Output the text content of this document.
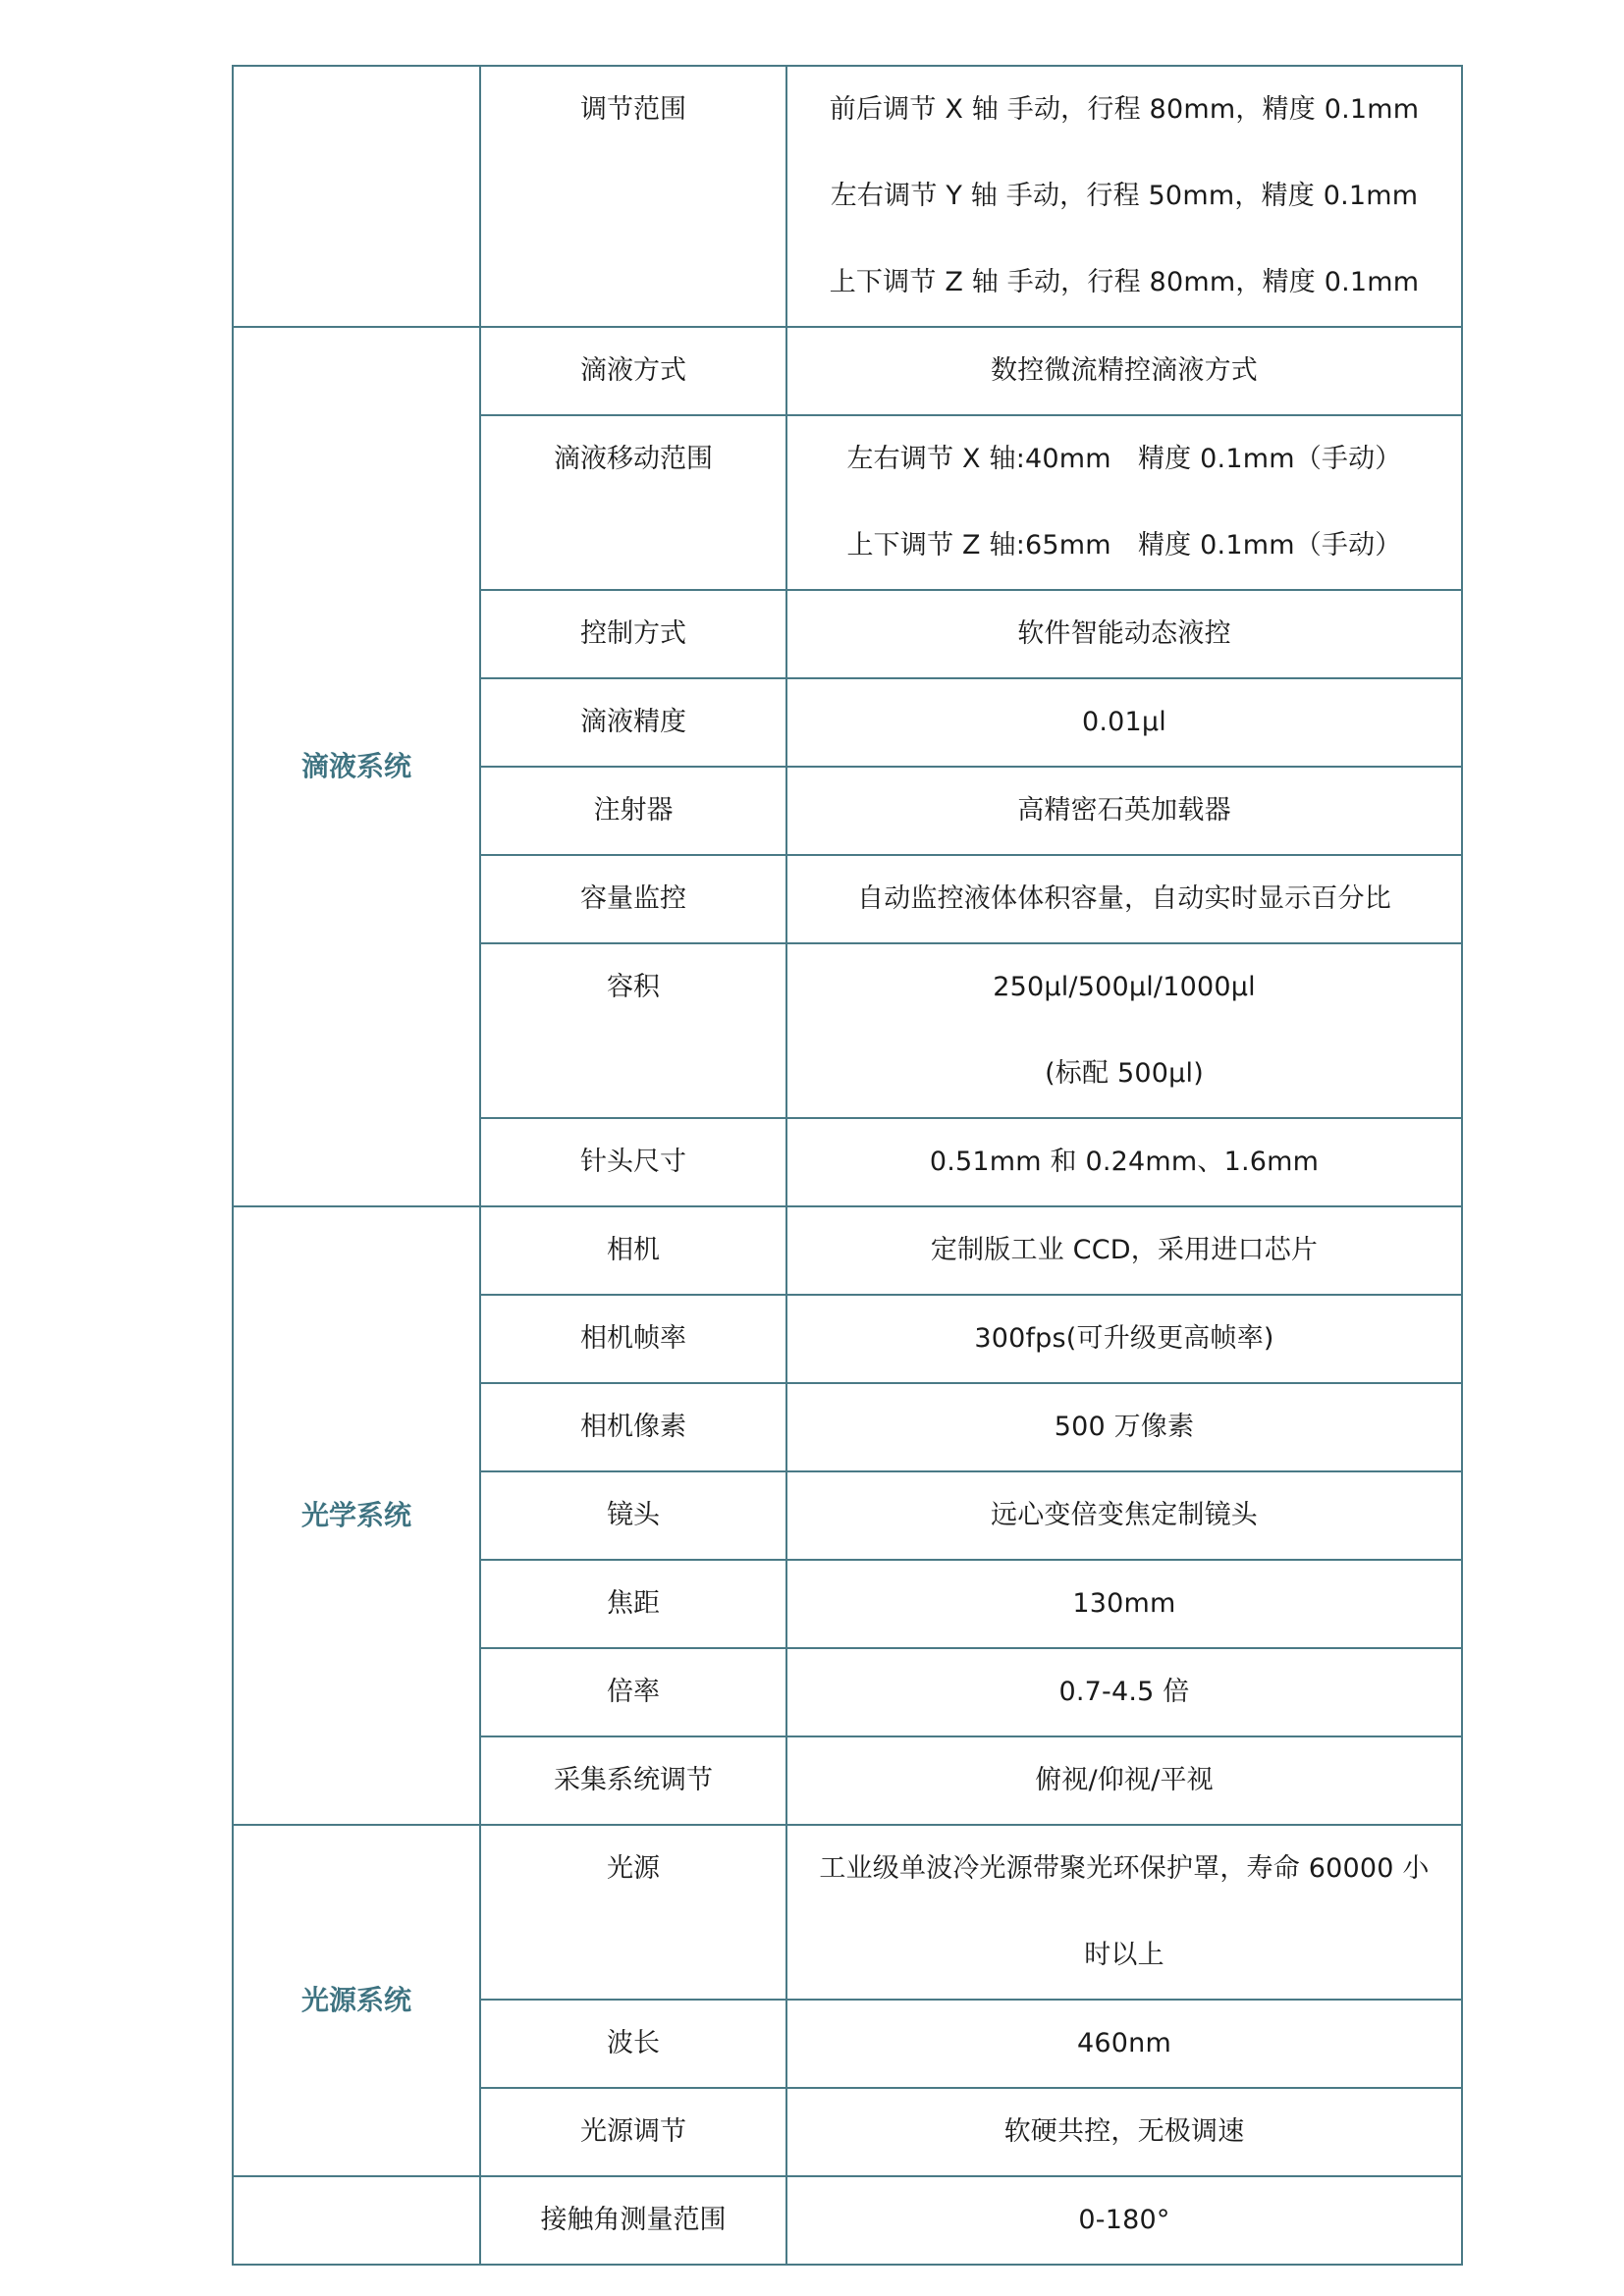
	调节范围	前后调节 X 轴 手动，行程 80mm，精度 0.1mm
左右调节 Y 轴 手动，行程 50mm，精度 0.1mm
上下调节 Z 轴 手动，行程 80mm，精度 0.1mm

滴液系统	滴液方式	数控微流精控滴液方式

	滴液移动范围	左右调节 X 轴:40mm　精度 0.1mm（手动）
上下调节 Z 轴:65mm　精度 0.1mm（手动）

	控制方式	软件智能动态液控

	滴液精度	0.01μl

	注射器	高精密石英加载器

	容量监控	自动监控液体体积容量，自动实时显示百分比

	容积	250μl/500μl/1000μl
(标配 500μl)

	针头尺寸	0.51mm 和 0.24mm、1.6mm

光学系统	相机	定制版工业 CCD，采用进口芯片

	相机帧率	300fps(可升级更高帧率)

	相机像素	500 万像素

	镜头	远心变倍变焦定制镜头

	焦距	130mm

	倍率	0.7-4.5 倍

	采集系统调节	俯视/仰视/平视

光源系统	光源	工业级单波冷光源带聚光环保护罩，寿命 60000 小
时以上

	波长	460nm

	光源调节	软硬共控，无极调速

	接触角测量范围	0-180°
